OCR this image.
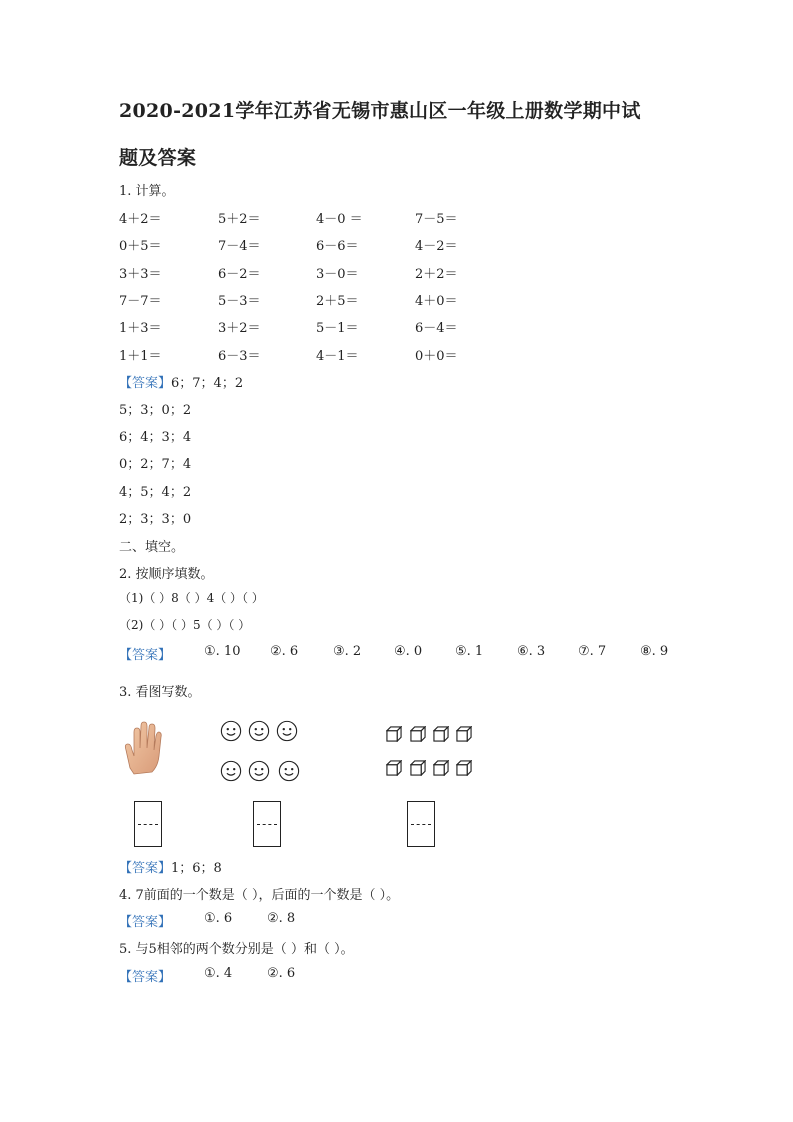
2020-2021学年江苏省无锡市惠山区一年级上册数学期中试
题及答案
1. 计算。
4＋2＝	5＋2＝	4－0 ＝	7－5＝
0＋5＝	7－4＝	6－6＝	4－2＝
3＋3＝	6－2＝	3－0＝	2＋2＝
7－7＝	5－3＝	2＋5＝	4＋0＝
1＋3＝	3＋2＝	5－1＝	6－4＝
1＋1＝	6－3＝	4－1＝	0＋0＝
【答案】6；7；4；2
5；3；0；2
6；4；3；4
0；2；7；4
4；5；4；2
2；3；3；0
二、填空。
2. 按顺序填数。
（1)（ ）8（ ）4（ ）（ ）
（2)（ ）（ ）5（ ）（ ）
【答案】	①. 10 ②. 6	③. 2	④. 0	⑤. 1	⑥. 3	⑦. 7	⑧. 9
3. 看图写数。
【答案】1；6；8
4. 7前面的一个数是（ ），后面的一个数是（ ）。
【答案】	①. 6	②. 8
5. 与5相邻的两个数分别是（ ）和（ ）。
【答案】	①. 4	②. 6
